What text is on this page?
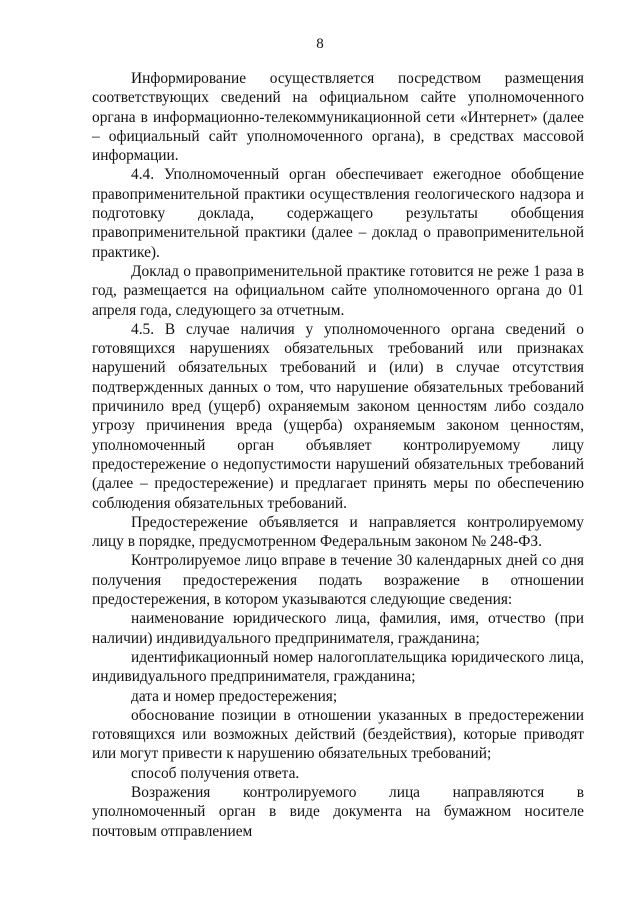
8

Информирование осуществляется посредством размещения соответствующих сведений на официальном сайте уполномоченного органа в информационно-телекоммуникационной сети «Интернет» (далее – официальный сайт уполномоченного органа), в средствах массовой информации.

4.4. Уполномоченный орган обеспечивает ежегодное обобщение правоприменительной практики осуществления геологического надзора и подготовку доклада, содержащего результаты обобщения правоприменительной практики (далее – доклад о правоприменительной практике).

Доклад о правоприменительной практике готовится не реже 1 раза в год, размещается на официальном сайте уполномоченного органа до 01 апреля года, следующего за отчетным.

4.5. В случае наличия у уполномоченного органа сведений о готовящихся нарушениях обязательных требований или признаках нарушений обязательных требований и (или) в случае отсутствия подтвержденных данных о том, что нарушение обязательных требований причинило вред (ущерб) охраняемым законом ценностям либо создало угрозу причинения вреда (ущерба) охраняемым законом ценностям, уполномоченный орган объявляет контролируемому лицу предостережение о недопустимости нарушений обязательных требований (далее – предостережение) и предлагает принять меры по обеспечению соблюдения обязательных требований.

Предостережение объявляется и направляется контролируемому лицу в порядке, предусмотренном Федеральным законом № 248-ФЗ.

Контролируемое лицо вправе в течение 30 календарных дней со дня получения предостережения подать возражение в отношении предостережения, в котором указываются следующие сведения:

наименование юридического лица, фамилия, имя, отчество (при наличии) индивидуального предпринимателя, гражданина;

идентификационный номер налогоплательщика юридического лица, индивидуального предпринимателя, гражданина;

дата и номер предостережения;

обоснование позиции в отношении указанных в предостережении готовящихся или возможных действий (бездействия), которые приводят или могут привести к нарушению обязательных требований;

способ получения ответа.

Возражения контролируемого лица направляются в уполномоченный орган в виде документа на бумажном носителе почтовым отправлением
